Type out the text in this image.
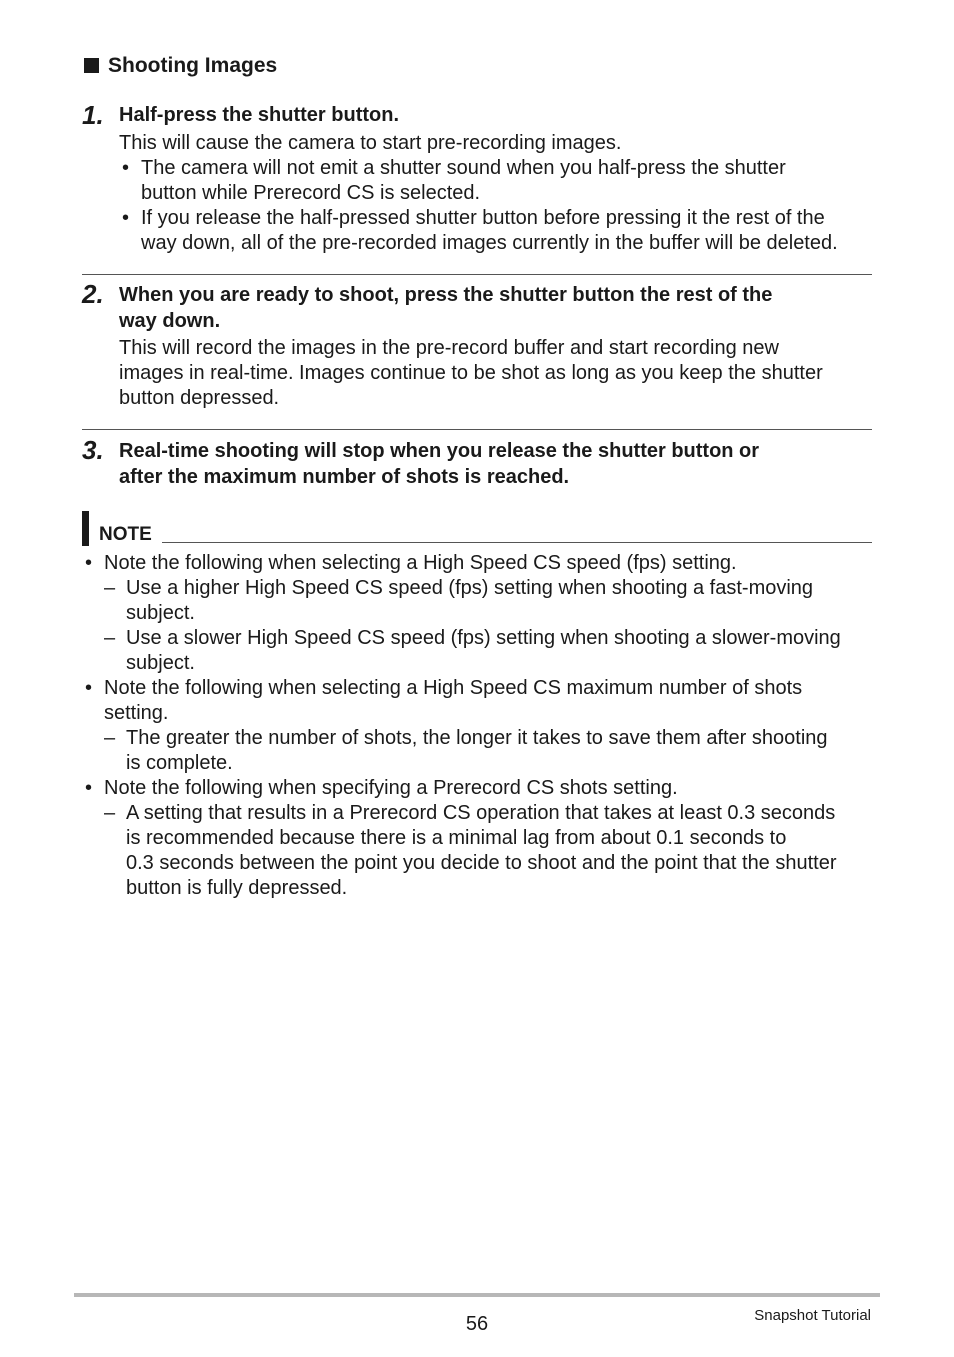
Shooting Images
1. Half-press the shutter button.
This will cause the camera to start pre-recording images.
• The camera will not emit a shutter sound when you half-press the shutter
button while Prerecord CS is selected.
• If you release the half-pressed shutter button before pressing it the rest of the
way down, all of the pre-recorded images currently in the buffer will be deleted.
2. When you are ready to shoot, press the shutter button the rest of the
way down.
This will record the images in the pre-record buffer and start recording new
images in real-time. Images continue to be shot as long as you keep the shutter
button depressed.
3. Real-time shooting will stop when you release the shutter button or
after the maximum number of shots is reached.
NOTE
• Note the following when selecting a High Speed CS speed (fps) setting.
– Use a higher High Speed CS speed (fps) setting when shooting a fast-moving
subject.
– Use a slower High Speed CS speed (fps) setting when shooting a slower-moving
subject.
• Note the following when selecting a High Speed CS maximum number of shots
setting.
– The greater the number of shots, the longer it takes to save them after shooting
is complete.
• Note the following when specifying a Prerecord CS shots setting.
– A setting that results in a Prerecord CS operation that takes at least 0.3 seconds
is recommended because there is a minimal lag from about 0.1 seconds to
0.3 seconds between the point you decide to shoot and the point that the shutter
button is fully depressed.
56	Snapshot Tutorial
